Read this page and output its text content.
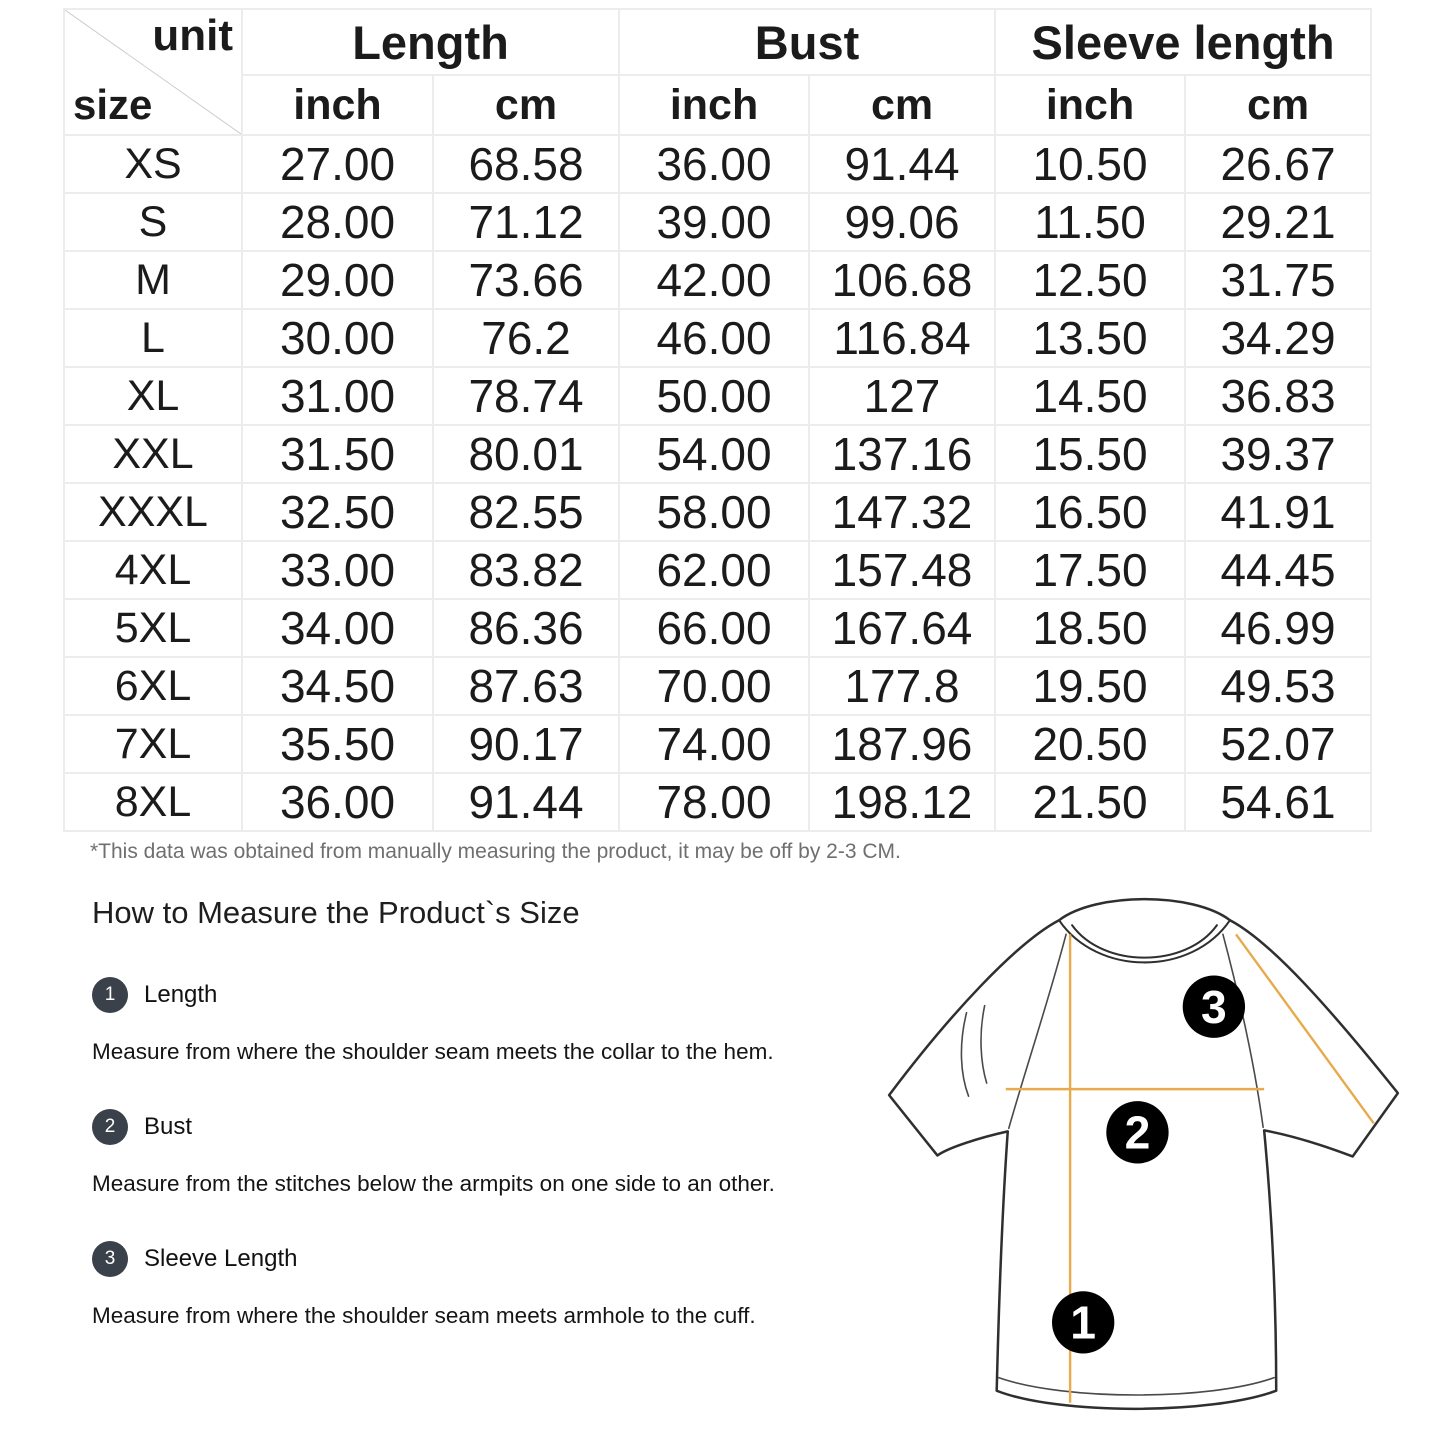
unit
size	Length		Bust		Sleeve length	
	inch	cm	inch	cm	inch	cm
XS	27.00	68.58	36.00	91.44	10.50	26.67
S	28.00	71.12	39.00	99.06	11.50	29.21
M	29.00	73.66	42.00	106.68	12.50	31.75
L	30.00	76.2	46.00	116.84	13.50	34.29
XL	31.00	78.74	50.00	127	14.50	36.83
XXL	31.50	80.01	54.00	137.16	15.50	39.37
XXXL	32.50	82.55	58.00	147.32	16.50	41.91
4XL	33.00	83.82	62.00	157.48	17.50	44.45
5XL	34.00	86.36	66.00	167.64	18.50	46.99
6XL	34.50	87.63	70.00	177.8	19.50	49.53
7XL	35.50	90.17	74.00	187.96	20.50	52.07
8XL	36.00	91.44	78.00	198.12	21.50	54.61
*This data was obtained from manually measuring the product, it may be off by 2-3 CM.
How to Measure the Product`s Size
1	Length
Measure from where the shoulder seam meets the collar to the hem.
2	Bust
Measure from the stitches below the armpits on one side to an other.
3	Sleeve Length
Measure from where the shoulder seam meets armhole to the cuff.
3
2
1
